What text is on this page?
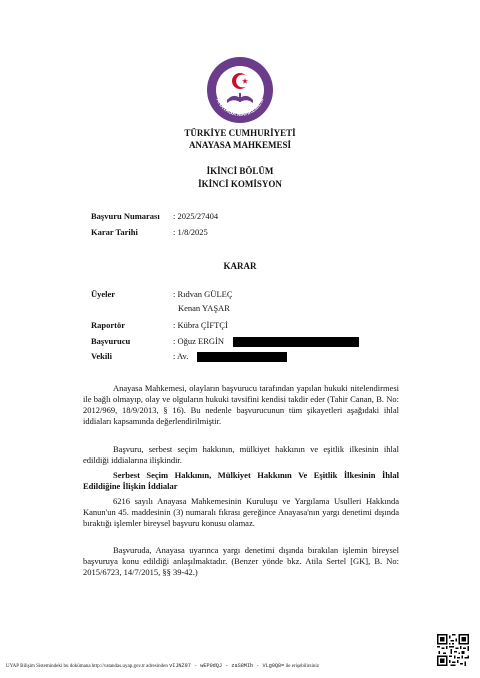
ANAYASA MAHKEMESİ
T.C.
TÜRKİYE CUMHURİYETİ
ANAYASA MAHKEMESİ
İKİNCİ BÖLÜM
İKİNCİ KOMİSYON
Başvuru Numarası : 2025/27404
Karar Tarihi	: 1/8/2025
KARAR
Üyeler	: Rıdvan GÜLEÇ
Kenan YAŞAR
Raportör	: Kübra ÇİFTÇİ
Başvurucu	: Oğuz ERGİN
Vekili	: Av.
Anayasa Mahkemesi, olayların başvurucu tarafından yapılan hukuki nitelendirmesi ile bağlı olmayıp, olay ve olguların hukuki tavsifini kendisi takdir eder (Tahir Canan, B. No: 2012/969, 18/9/2013, § 16). Bu nedenle başvurucunun tüm şikayetleri aşağıdaki ihlal iddiaları kapsamında değerlendirilmiştir.
Başvuru, serbest seçim hakkının, mülkiyet hakkının ve eşitlik ilkesinin ihlal edildiği iddialarına ilişkindir.
Serbest Seçim Hakkının, Mülkiyet Hakkının Ve Eşitlik İlkesinin İhlal Edildiğine İlişkin İddialar
6216 sayılı Anayasa Mahkemesinin Kuruluşu ve Yargılama Usulleri Hakkında Kanun'un 45. maddesinin (3) numaralı fıkrası gereğince Anayasa'nın yargı denetimi dışında bıraktığı işlemler bireysel başvuru konusu olamaz.
Başvuruda, Anayasa uyarınca yargı denetimi dışında bırakılan işlemin bireysel başvuruya konu edildiği anlaşılmaktadır. (Benzer yönde bkz. Atila Sertel [GK], B. No: 2015/6723, 14/7/2015, §§ 39-42.)
UYAP Bilişim Sistemindeki bu dokümana http://vatandas.uyap.gov.tr adresinden vIJNZ97 - wEP0dQJ - zaS8MIb - VLg0Q8= ile erişebilirsiniz
